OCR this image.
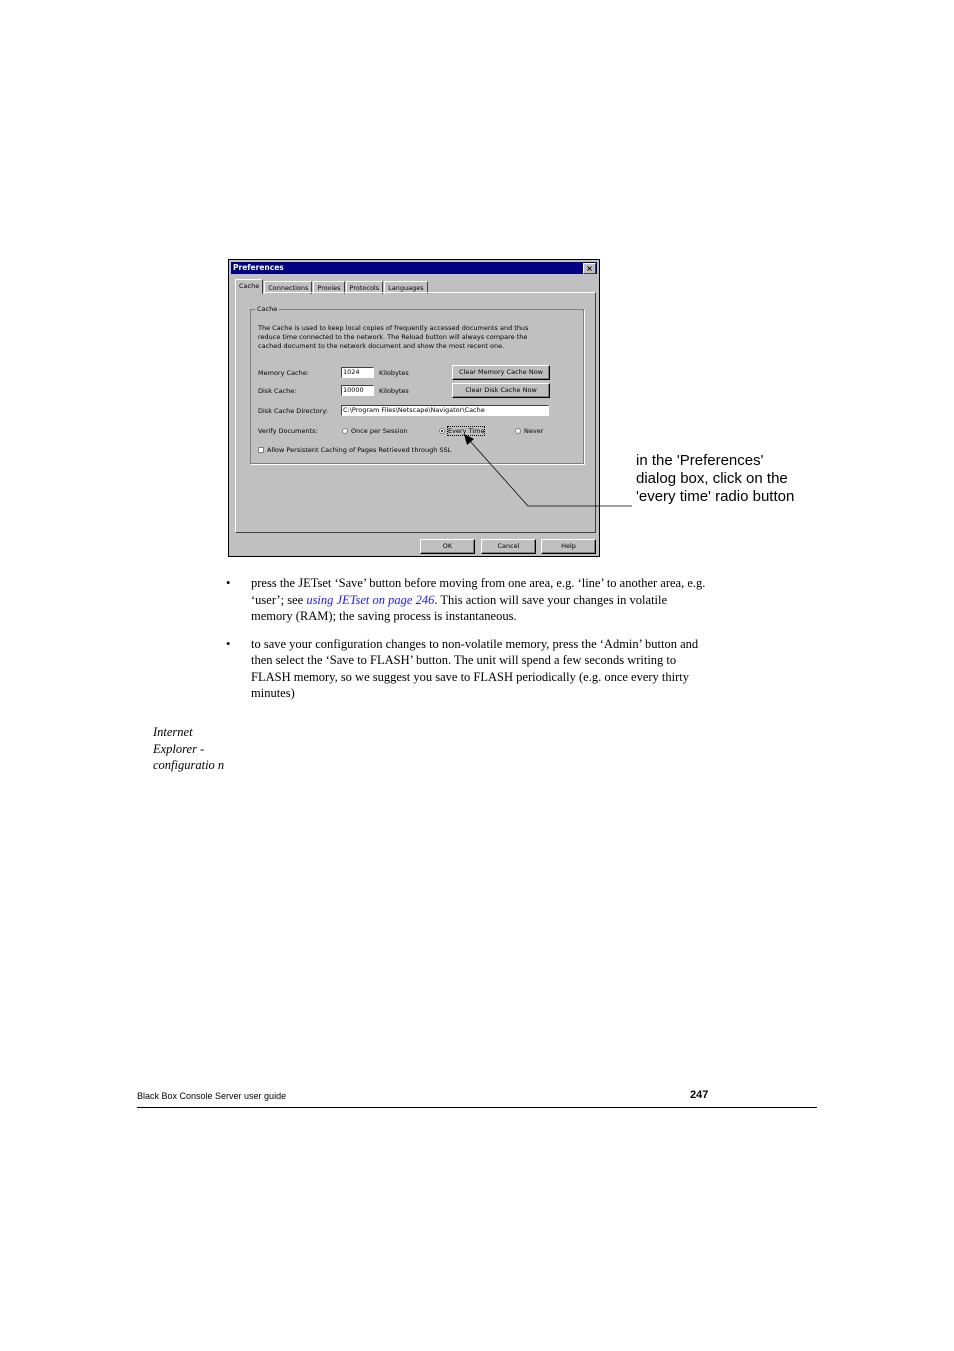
Preferences	×
Cache	Connections	Proxies	Protocols	Languages
Cache
The Cache is used to keep local copies of frequently accessed documents and thus reduce time connected to the network. The Reload button will always compare the cached document to the network document and show the most recent one.
Memory Cache:	1024	Kilobytes	Clear Memory Cache Now
Disk Cache:	10000	Kilobytes	Clear Disk Cache Now
Disk Cache Directory:	C:\Program Files\Netscape\Navigator\Cache
Verify Documents:	Once per Session	Every Time	Never
Allow Persistent Caching of Pages Retrieved through SSL
OK	Cancel	Help
in the 'Preferences' dialog box, click on the 'every time' radio button
• press the JETset ‘Save’ button before moving from one area, e.g. ‘line’ to another area, e.g. ‘user’; see using JETset on page 246. This action will save your changes in volatile memory (RAM); the saving process is instantaneous.
• to save your configuration changes to non-volatile memory, press the ‘Admin’ button and then select the ‘Save to FLASH’ button. The unit will spend a few seconds writing to FLASH memory, so we suggest you save to FLASH periodically (e.g. once every thirty minutes)
Internet Explorer - configuratio n
Black Box Console Server user guide	247
